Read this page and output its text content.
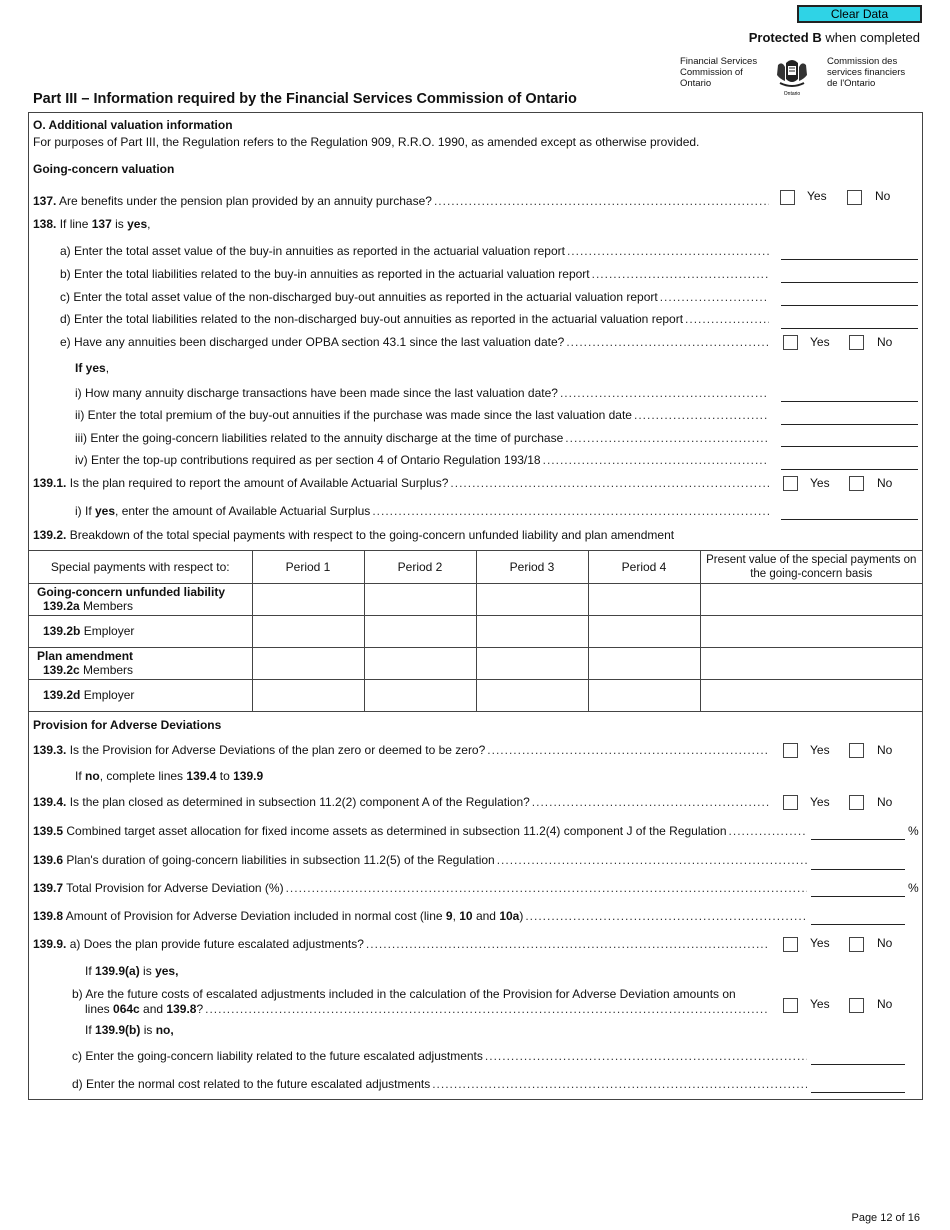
Clear Data
Protected B when completed
Financial Services
Commission of
Ontario
Ontario
Commission des
services financiers
de l'Ontario
Part III – Information required by the Financial Services Commission of Ontario
O. Additional valuation information
For purposes of Part III, the Regulation refers to the Regulation 909, R.R.O. 1990, as amended except as otherwise provided.
Going-concern valuation
137. Are benefits under the pension plan provided by an annuity purchase? .....	Yes	No
138. If line 137 is yes,
a) Enter the total asset value of the buy-in annuities as reported in the actuarial valuation report
.....
b) Enter the total liabilities related to the buy-in annuities as reported in the actuarial valuation report
.....
c) Enter the total asset value of the non-discharged buy-out annuities as reported in the actuarial valuation report
.....
d) Enter the total liabilities related to the non-discharged buy-out annuities as reported in the actuarial valuation report
.....
e) Have any annuities been discharged under OPBA section 43.1 since the last valuation date? .....	Yes	No
If yes,
i) How many annuity discharge transactions have been made since the last valuation date?
.....
ii) Enter the total premium of the buy-out annuities if the purchase was made since the last valuation date
.....
iii) Enter the going-concern liabilities related to the annuity discharge at the time of purchase
.....
iv) Enter the top-up contributions required as per section 4 of Ontario Regulation 193/18
.....
139.1. Is the plan required to report the amount of Available Actuarial Surplus? .....	Yes	No
i) If yes, enter the amount of Available Actuarial Surplus
.....
139.2. Breakdown of the total special payments with respect to the going-concern unfunded liability and plan amendment
Special payments with respect to:	Period 1	Period 2	Period 3	Period 4	Present value of the special payments on the going-concern basis

Going-concern unfunded liability
139.2a Members					

139.2b Employer					

Plan amendment
139.2c Members					

139.2d Employer					

Provision for Adverse Deviations
139.3. Is the Provision for Adverse Deviations of the plan zero or deemed to be zero? .....	Yes	No
If no, complete lines 139.4 to 139.9
139.4. Is the plan closed as determined in subsection 11.2(2) component A of the Regulation? .....	Yes	No
139.5 Combined target asset allocation for fixed income assets as determined in subsection 11.2(4) component J of the Regulation .....	%
139.6 Plan's duration of going-concern liabilities in subsection 11.2(5) of the Regulation
.....
139.7 Total Provision for Adverse Deviation (%) .....	%
139.8 Amount of Provision for Adverse Deviation included in normal cost (line 9, 10 and 10a)
.....
139.9. a) Does the plan provide future escalated adjustments? .....	Yes	No
If 139.9(a) is yes,
b) Are the future costs of escalated adjustments included in the calculation of the Provision for Adverse Deviation amounts on
lines 064c and 139.8? .....	Yes	No
If 139.9(b) is no,
c) Enter the going-concern liability related to the future escalated adjustments
.....
d) Enter the normal cost related to the future escalated adjustments
.....
Page 12 of 16
